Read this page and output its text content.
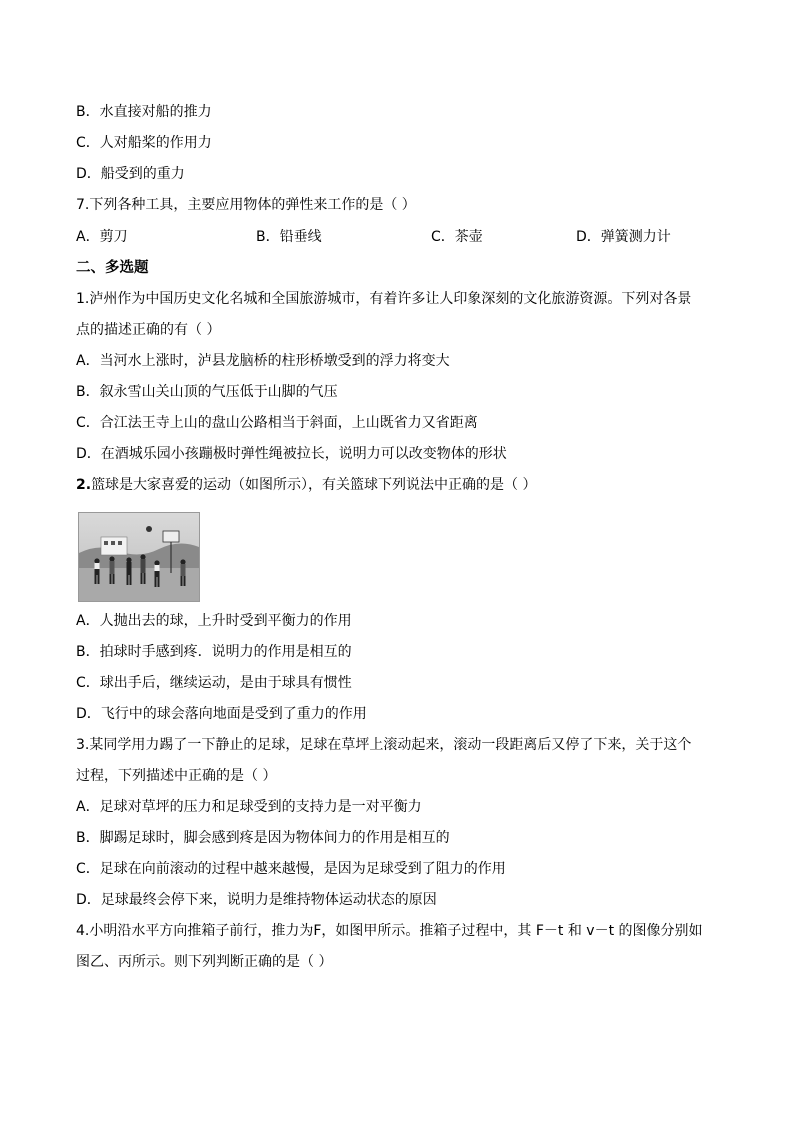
B．水直接对船的推力
C．人对船桨的作用力
D．船受到的重力
7.下列各种工具，主要应用物体的弹性来工作的是（ ）
A．剪刀	B．铅垂线	C．茶壶	D．弹簧测力计
二、多选题
1.泸州作为中国历史文化名城和全国旅游城市，有着许多让人印象深刻的文化旅游资源。下列对各景
点的描述正确的有（ ）
A．当河水上涨时，泸县龙脑桥的柱形桥墩受到的浮力将变大
B．叙永雪山关山顶的气压低于山脚的气压
C．合江法王寺上山的盘山公路相当于斜面，上山既省力又省距离
D．在酒城乐园小孩蹦极时弹性绳被拉长，说明力可以改变物体的形状
2.篮球是大家喜爱的运动（如图所示），有关篮球下列说法中正确的是（ ）
A．人抛出去的球，上升时受到平衡力的作用
B．拍球时手感到疼．说明力的作用是相互的
C．球出手后，继续运动，是由于球具有惯性
D．飞行中的球会落向地面是受到了重力的作用
3.某同学用力踢了一下静止的足球，足球在草坪上滚动起来，滚动一段距离后又停了下来，关于这个
过程，下列描述中正确的是（ ）
A．足球对草坪的压力和足球受到的支持力是一对平衡力
B．脚踢足球时，脚会感到疼是因为物体间力的作用是相互的
C．足球在向前滚动的过程中越来越慢，是因为足球受到了阻力的作用
D．足球最终会停下来，说明力是维持物体运动状态的原因
4.小明沿水平方向推箱子前行，推力为F，如图甲所示。推箱子过程中，其 F－t 和 v－t 的图像分别如
图乙、丙所示。则下列判断正确的是（ ）
